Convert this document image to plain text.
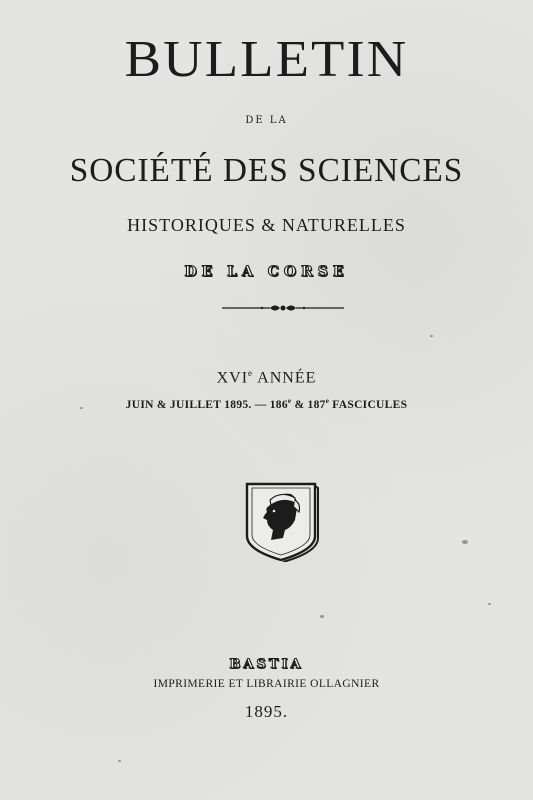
BULLETIN
DE LA
SOCIÉTÉ DES SCIENCES
HISTORIQUES & NATURELLES
DE LA CORSE
XVIe ANNÉE
JUIN & JUILLET 1895. — 186e & 187e FASCICULES
BASTIA
IMPRIMERIE ET LIBRAIRIE OLLAGNIER
1895.
